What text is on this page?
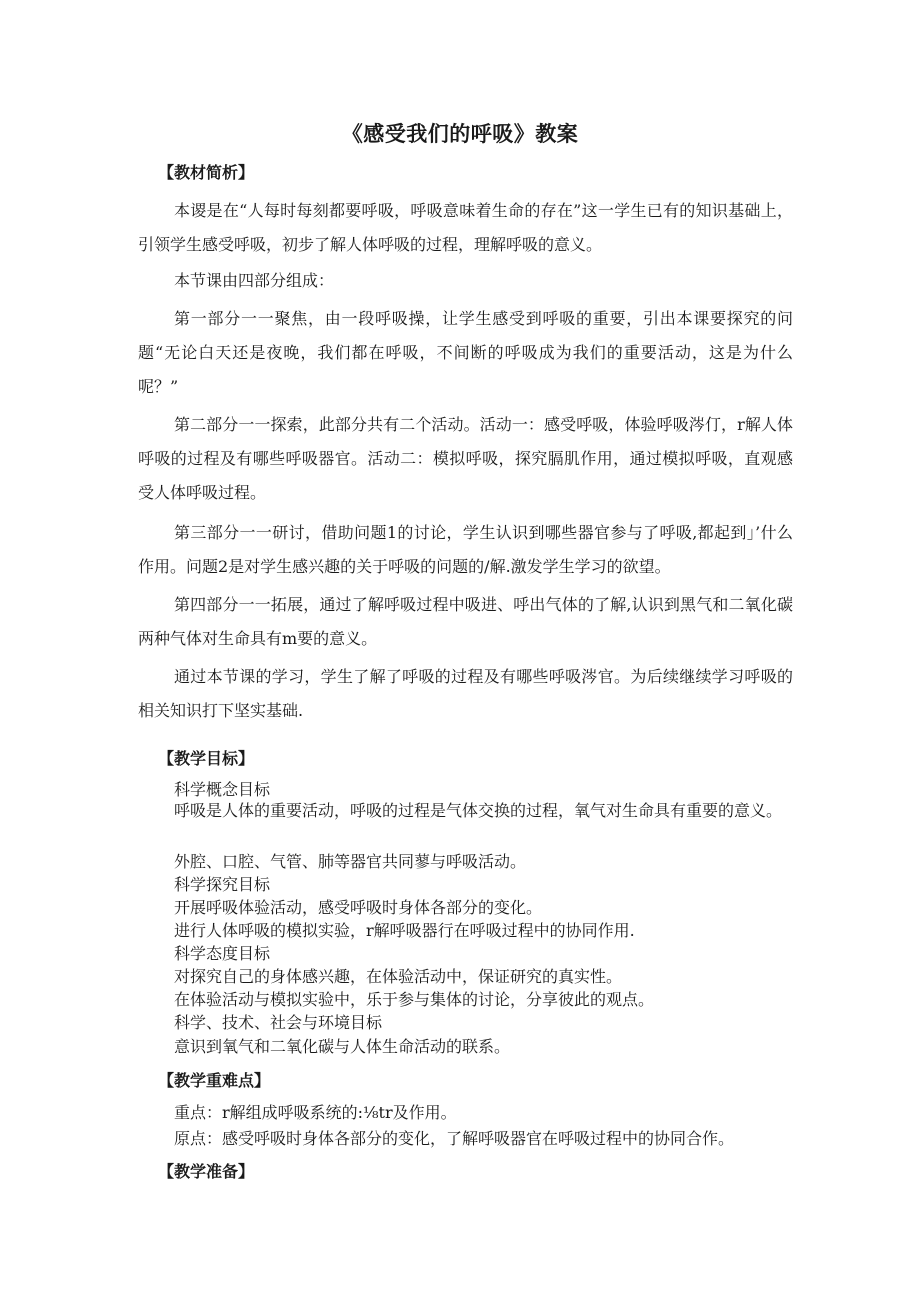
《感受我们的呼吸》教案
【教材简析】

本谡是在“人每时每刻都要呼吸，呼吸意味着生命的存在”这一学生已有的知识基础上，引领学生感受呼吸，初步了解人体呼吸的过程，理解呼吸的意义。

本节课由四部分组成：

第一部分一一聚焦，由一段呼吸操，让学生感受到呼吸的重要，引出本课要探究的问题“无论白天还是夜晚，我们都在呼吸，不间断的呼吸成为我们的重要活动，这是为什么呢？”

第二部分一一探索，此部分共有二个活动。活动一：感受呼吸，体验呼吸涔仃，r解人体呼吸的过程及有哪些呼吸器官。活动二：模拟呼吸，探究膈肌作用，通过模拟呼吸，直观感受人体呼吸过程。

第三部分一一研讨，借助问题1的讨论，学生认识到哪些器官参与了呼吸,都起到」’什么作用。问题2是对学生感兴趣的关于呼吸的问题的/解.激发学生学习的欲望。

第四部分一一拓展，通过了解呼吸过程中吸进、呼出气体的了解,认识到黑气和二氧化碳两种气体对生命具有m要的意义。

通过本节课的学习，学生了解了呼吸的过程及有哪些呼吸涔官。为后续继续学习呼吸的相关知识打下坚实基础.

【教学目标】
科学概念目标

呼吸是人体的重要活动，呼吸的过程是气体交换的过程，氧气对生命具有重要的意义。

外腔、口腔、气管、肺等器官共同蓼与呼吸活动。
科学探究目标
开展呼吸体验活动，感受呼吸时身体各部分的变化。
进行人体呼吸的模拟实验，r解呼吸器行在呼吸过程中的协同作用.
科学态度目标
对探究自己的身体感兴趣，在体验活动中，保证研究的真实性。
在体验活动与模拟实验中，乐于参与集体的讨论，分享彼此的观点。
科学、技术、社会与环境目标
意识到氧气和二氧化碳与人体生命活动的联系。
【教学重难点】
重点：r解组成呼吸系统的:⅛tr及作用。
原点：感受呼吸时身体各部分的变化，了解呼吸器官在呼吸过程中的协同合作。
【教学准备】
